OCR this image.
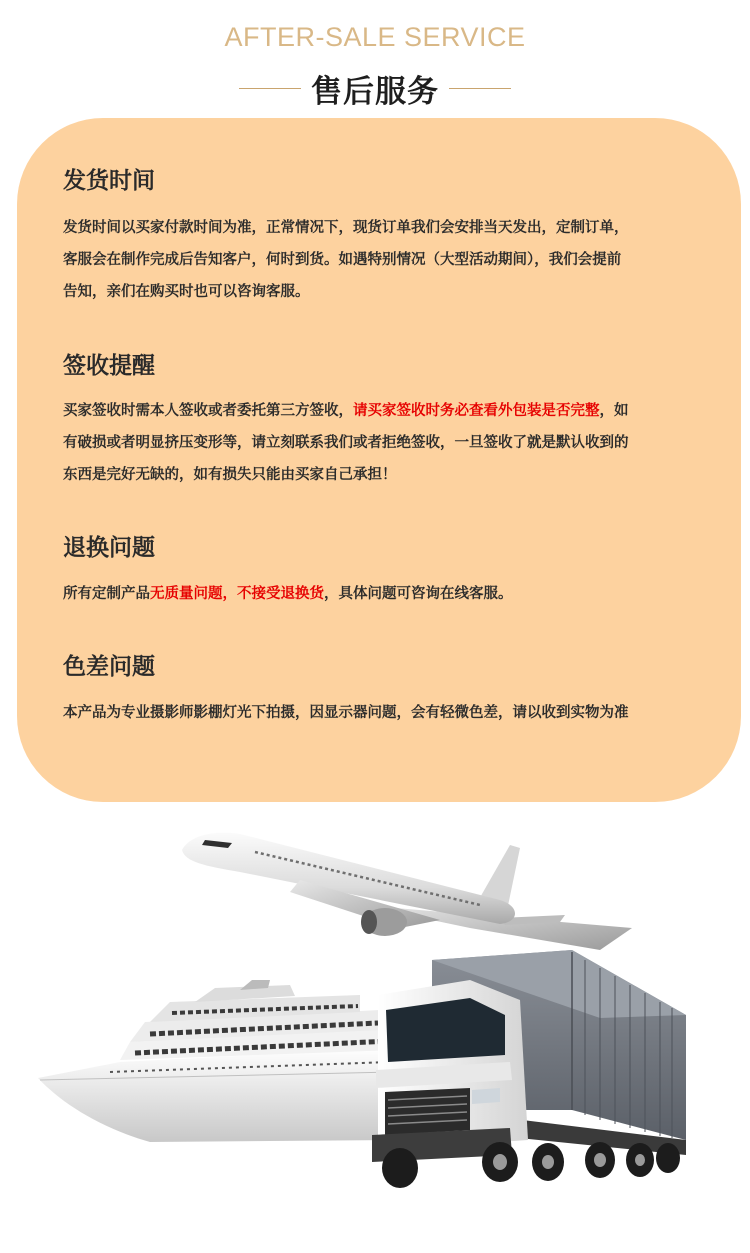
AFTER-SALE SERVICE
售后服务
发货时间
发货时间以买家付款时间为准，正常情况下，现货订单我们会安排当天发出，定制订单，
客服会在制作完成后告知客户，何时到货。如遇特别情况（大型活动期间），我们会提前
告知，亲们在购买时也可以咨询客服。
签收提醒
买家签收时需本人签收或者委托第三方签收，请买家签收时务必查看外包装是否完整，如
有破损或者明显挤压变形等，请立刻联系我们或者拒绝签收，一旦签收了就是默认收到的
东西是完好无缺的，如有损失只能由买家自己承担！
退换问题
所有定制产品无质量问题，不接受退换货，具体问题可咨询在线客服。
色差问题
本产品为专业摄影师影棚灯光下拍摄，因显示器问题，会有轻微色差，请以收到实物为准
